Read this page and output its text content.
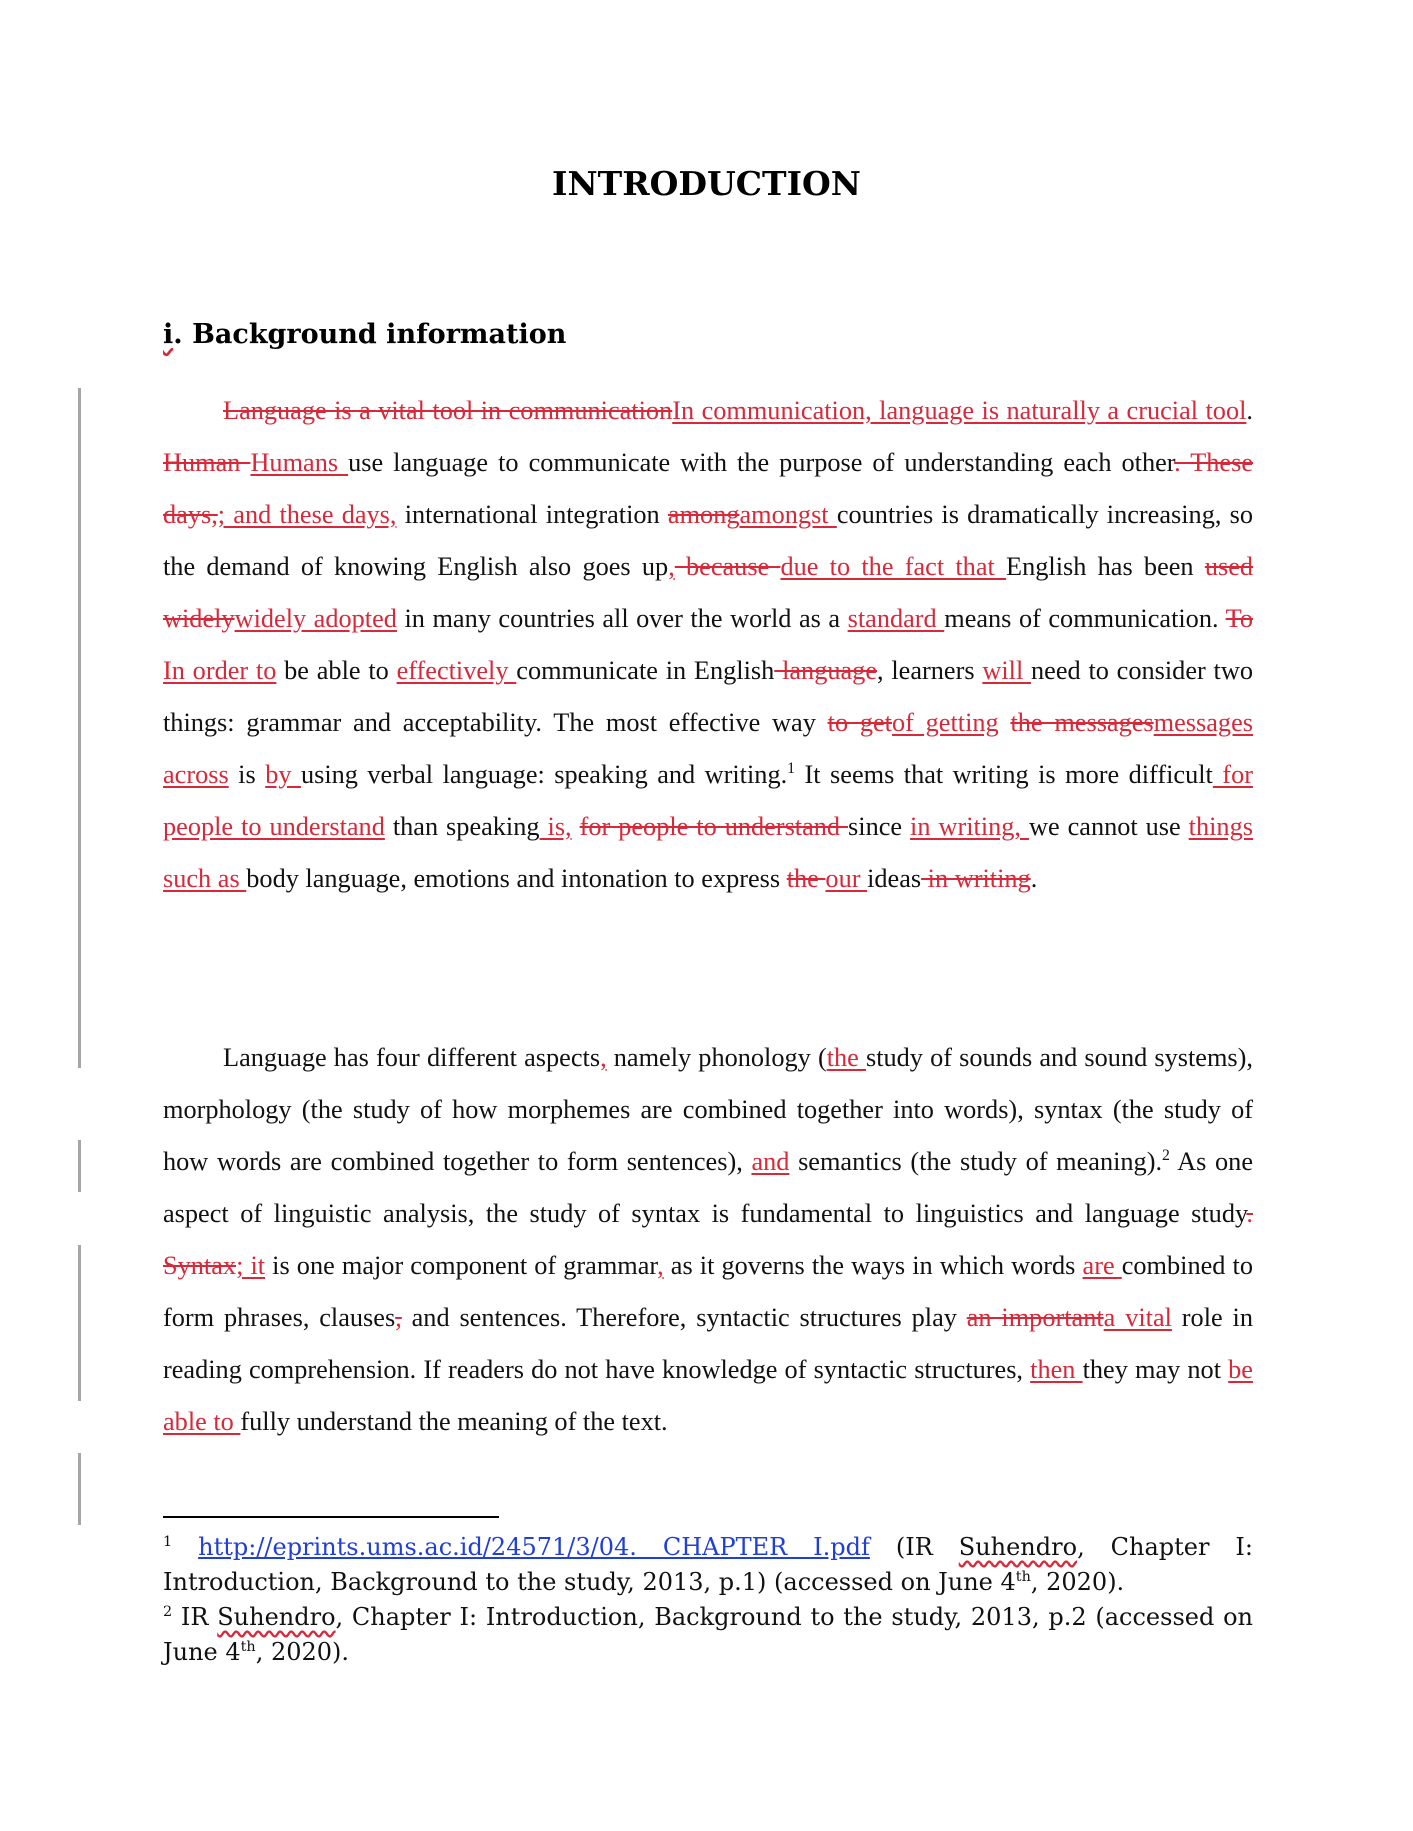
INTRODUCTION
i. Background information

Language is a vital tool in communicationIn communication, language is naturally a crucial tool. Human Humans use language to communicate with the purpose of understanding each other. These days,; and these days, international integration amongamongst countries is dramatically increasing, so the demand of knowing English also goes up, because due to the fact that English has been used widelywidely adopted in many countries all over the world as a standard means of communication. To In order to be able to effectively communicate in English language, learners will need to consider two things: grammar and acceptability. The most effective way to getof getting the messagesmessages across is by using verbal language: speaking and writing.$^1$ It seems that writing is more difficult for people to understand than speaking is, for people to understand since in writing, we cannot use things such as body language, emotions and intonation to express the our ideas in writing.

Language has four different aspects, namely phonology (the study of sounds and sound systems), morphology (the study of how morphemes are combined together into words), syntax (the study of how words are combined together to form sentences), and semantics (the study of meaning).$^2$ As one aspect of linguistic analysis, the study of syntax is fundamental to linguistics and language study. Syntax; it is one major component of grammar, as it governs the ways in which words are combined to form phrases, clauses, and sentences. Therefore, syntactic structures play an importanta vital role in reading comprehension. If readers do not have knowledge of syntactic structures, then they may not be able to fully understand the meaning of the text.

$^1$ http://eprints.ums.ac.id/24571/3/04. CHAPTER I.pdf (IR Suhendro, Chapter I: Introduction, Background to the study, 2013, p.1) (accessed on June 4th, 2020).

$^2$ IR Suhendro, Chapter I: Introduction, Background to the study, 2013, p.2 (accessed on June 4th, 2020).
